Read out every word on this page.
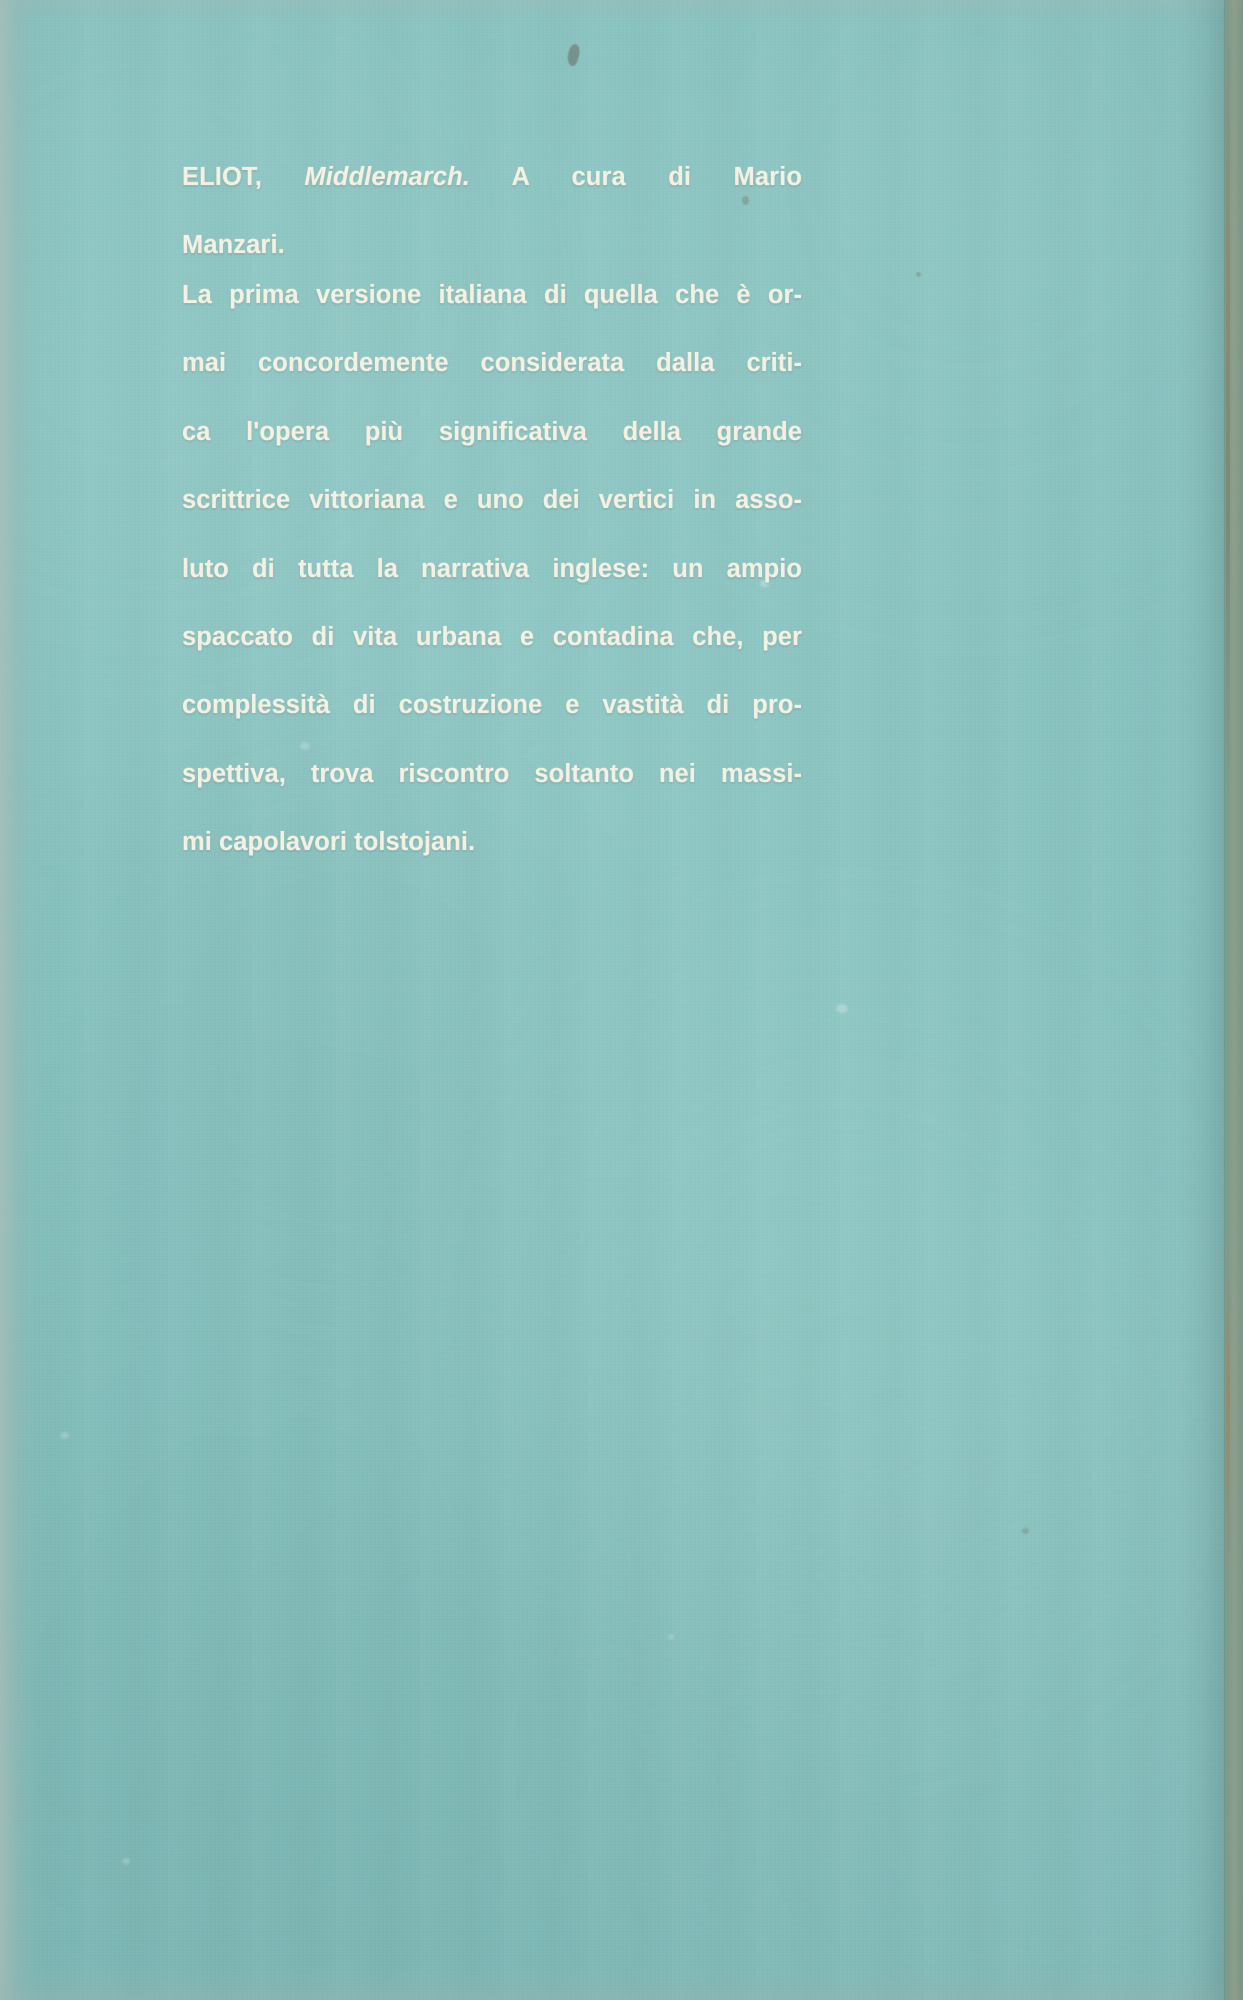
ELIOT, Middlemarch. A cura di Mario
Manzari.

La prima versione italiana di quella che è or-
mai concordemente considerata dalla criti-
ca l'opera più significativa della grande
scrittrice vittoriana e uno dei vertici in asso-
luto di tutta la narrativa inglese: un ampio
spaccato di vita urbana e contadina che, per
complessità di costruzione e vastità di pro-
spettiva, trova riscontro soltanto nei massi-
mi capolavori tolstojani.
